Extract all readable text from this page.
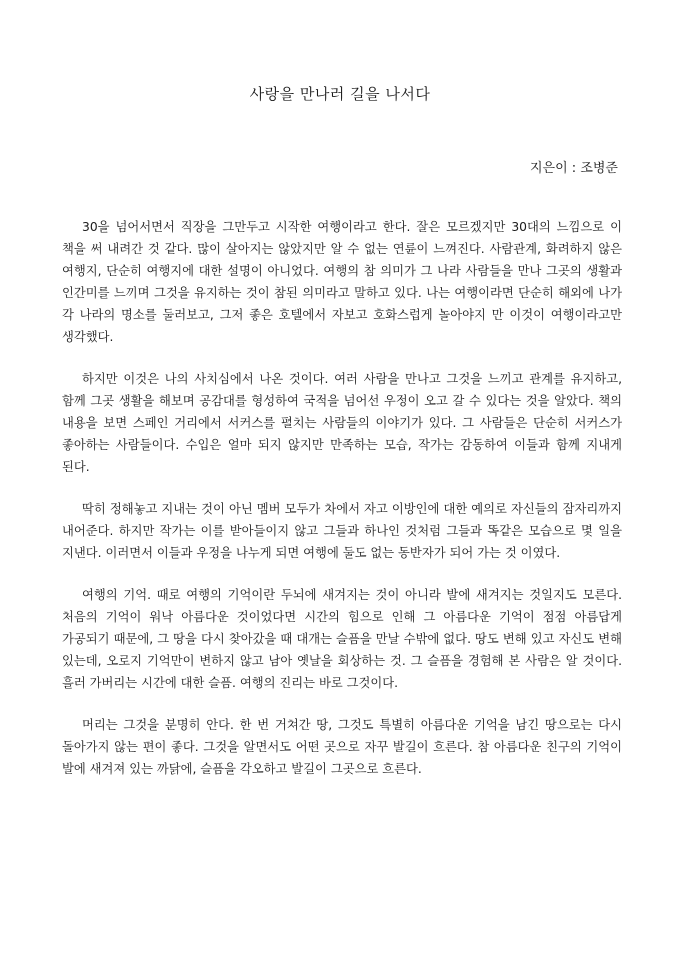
사랑을 만나러 길을 나서다

지은이 : 조병준

30을 넘어서면서 직장을 그만두고 시작한 여행이라고 한다. 잘은 모르겠지만 30대의 느낌으로 이 책을 써 내려간 것 같다. 많이 살아지는 않았지만 알 수 없는 연륜이 느껴진다. 사람관계, 화려하지 않은 여행지, 단순히 여행지에 대한 설명이 아니었다. 여행의 참 의미가 그 나라 사람들을 만나 그곳의 생활과 인간미를 느끼며 그것을 유지하는 것이 참된 의미라고 말하고 있다. 나는 여행이라면 단순히 해외에 나가 각 나라의 명소를 둘러보고, 그저 좋은 호텔에서 자보고 호화스럽게 놀아야지 만 이것이 여행이라고만 생각했다.

하지만 이것은 나의 사치심에서 나온 것이다. 여러 사람을 만나고 그것을 느끼고 관계를 유지하고, 함께 그곳 생활을 해보며 공감대를 형성하여 국적을 넘어선 우정이 오고 갈 수 있다는 것을 알았다. 책의 내용을 보면 스페인 거리에서 서커스를 펼치는 사람들의 이야기가 있다. 그 사람들은 단순히 서커스가 좋아하는 사람들이다. 수입은 얼마 되지 않지만 만족하는 모습, 작가는 감동하여 이들과 함께 지내게 된다.

딱히 정해놓고 지내는 것이 아닌 멤버 모두가 차에서 자고 이방인에 대한 예의로 자신들의 잠자리까지 내어준다. 하지만 작가는 이를 받아들이지 않고 그들과 하나인 것처럼 그들과 똑같은 모습으로 몇 일을 지낸다. 이러면서 이들과 우정을 나누게 되면 여행에 둘도 없는 동반자가 되어 가는 것 이였다.

여행의 기억. 때로 여행의 기억이란 두뇌에 새겨지는 것이 아니라 발에 새겨지는 것일지도 모른다. 처음의 기억이 워낙 아름다운 것이었다면 시간의 힘으로 인해 그 아름다운 기억이 점점 아름답게 가공되기 때문에, 그 땅을 다시 찾아갔을 때 대개는 슬픔을 만날 수밖에 없다. 땅도 변해 있고 자신도 변해 있는데, 오로지 기억만이 변하지 않고 남아 옛날을 회상하는 것. 그 슬픔을 경험해 본 사람은 알 것이다. 흘러 가버리는 시간에 대한 슬픔. 여행의 진리는 바로 그것이다.

머리는 그것을 분명히 안다. 한 번 거쳐간 땅, 그것도 특별히 아름다운 기억을 남긴 땅으로는 다시 돌아가지 않는 편이 좋다. 그것을 알면서도 어떤 곳으로 자꾸 발길이 흐른다. 참 아름다운 친구의 기억이 발에 새겨져 있는 까닭에, 슬픔을 각오하고 발길이 그곳으로 흐른다.
